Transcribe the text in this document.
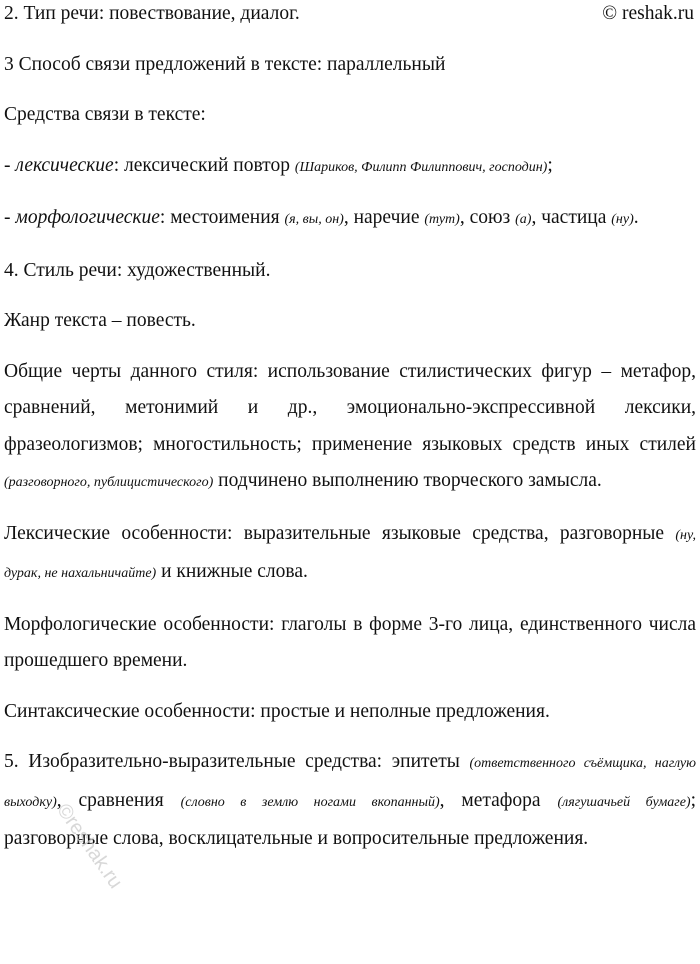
2. Тип речи: повествование, диалог.

3 Способ связи предложений в тексте: параллельный

Средства связи в тексте:

- лексические: лексический повтор (Шариков, Филипп Филиппович, господин);

- морфологические: местоимения (я, вы, он), наречие (тут), союз (а), частица (ну).

4. Стиль речи: художественный.

Жанр текста – повесть.

Общие черты данного стиля: использование стилистических фигур – метафор, сравнений, метонимий и др., эмоционально-экспрессивной лексики, фразеологизмов; многостильность; применение языковых средств иных стилей (разговорного, публицистического) подчинено выполнению творческого замысла.

Лексические особенности: выразительные языковые средства, разговорные (ну, дурак, не нахальничайте) и книжные слова.

Морфологические особенности: глаголы в форме 3-го лица, единственного числа прошедшего времени.

Синтаксические особенности: простые и неполные предложения.

5. Изобразительно-выразительные средства: эпитеты (ответственного съёмщика, наглую выходку), сравнения (словно в землю ногами вкопанный), метафора (лягушачьей бумаге); разговорные слова, восклицательные и вопросительные предложения.

© reshak.ru
©reshak.ru
